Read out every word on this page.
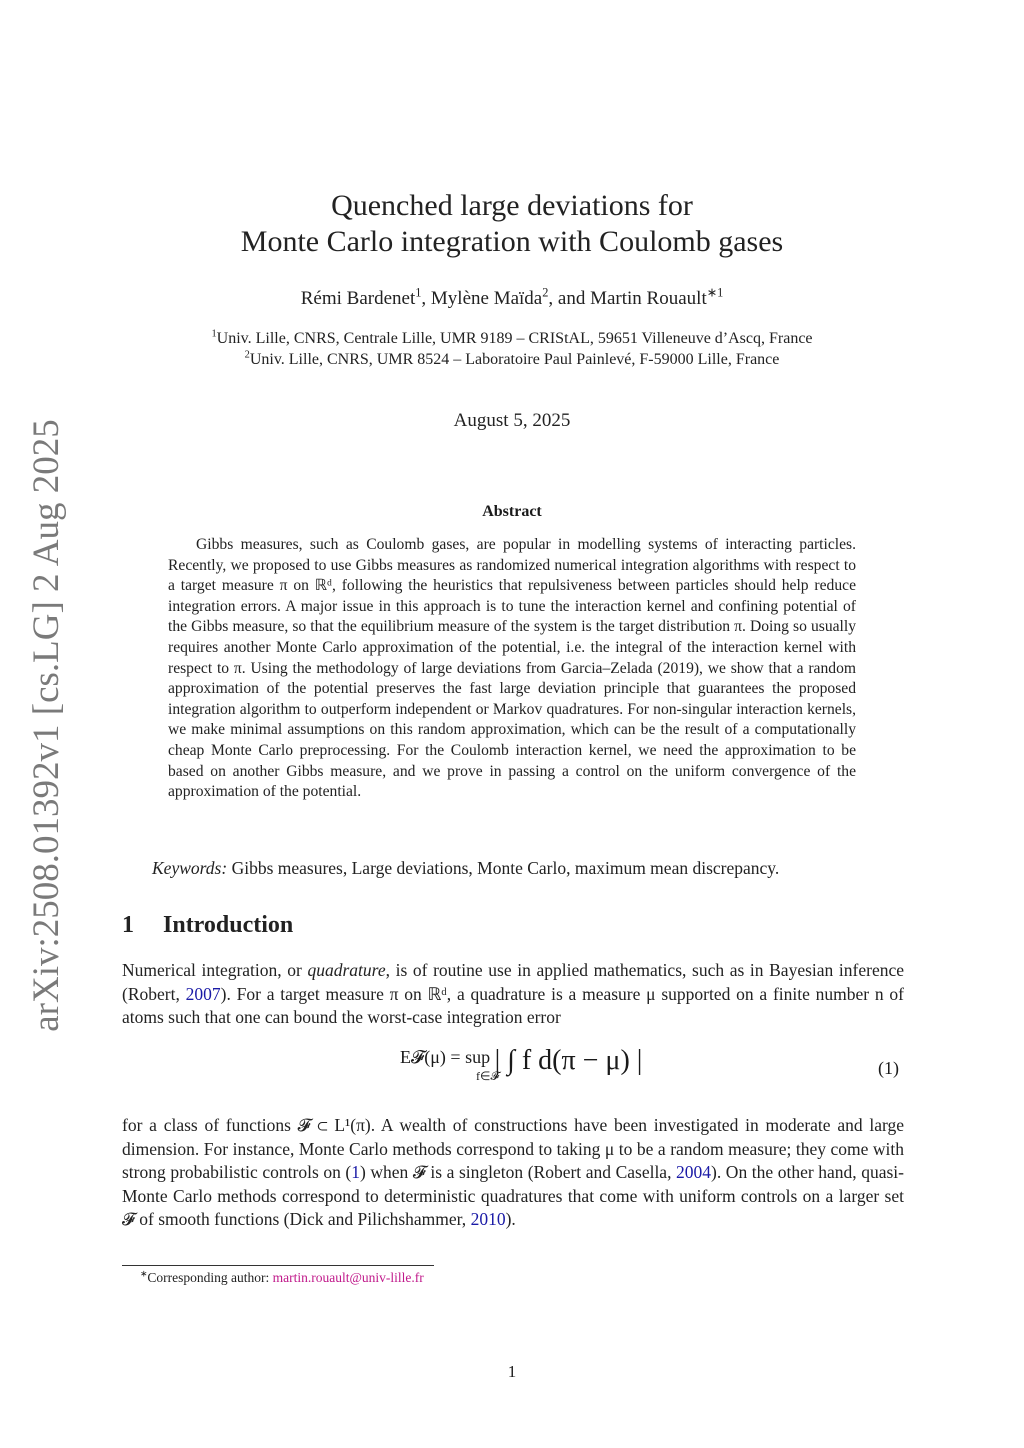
arXiv:2508.01392v1 [cs.LG] 2 Aug 2025
Quenched large deviations for
Monte Carlo integration with Coulomb gases
Rémi Bardenet$^1$, Mylène Maïda$^2$, and Martin Rouault$^{∗1}$
$^1$Univ. Lille, CNRS, Centrale Lille, UMR 9189 – CRIStAL, 59651 Villeneuve d’Ascq, France
$^2$Univ. Lille, CNRS, UMR 8524 – Laboratoire Paul Painlevé, F-59000 Lille, France
August 5, 2025
Abstract

Gibbs measures, such as Coulomb gases, are popular in modelling systems of interacting particles. Recently, we proposed to use Gibbs measures as randomized numerical integration algorithms with respect to a target measure π on ℝᵈ, following the heuristics that repulsiveness between particles should help reduce integration errors. A major issue in this approach is to tune the interaction kernel and confining potential of the Gibbs measure, so that the equilibrium measure of the system is the target distribution π. Doing so usually requires another Monte Carlo approximation of the potential, i.e. the integral of the interaction kernel with respect to π. Using the methodology of large deviations from Garcia–Zelada (2019), we show that a random approximation of the potential preserves the fast large deviation principle that guarantees the proposed integration algorithm to outperform independent or Markov quadratures. For non-singular interaction kernels, we make minimal assumptions on this random approximation, which can be the result of a computationally cheap Monte Carlo preprocessing. For the Coulomb interaction kernel, we need the approximation to be based on another Gibbs measure, and we prove in passing a control on the uniform convergence of the approximation of the potential.

Keywords: Gibbs measures, Large deviations, Monte Carlo, maximum mean discrepancy.
1 Introduction

Numerical integration, or quadrature, is of routine use in applied mathematics, such as in Bayesian inference (Robert, 2007). For a target measure π on ℝᵈ, a quadrature is a measure μ supported on a finite number n of atoms such that one can bound the worst-case integration error

E𝓕(μ) = sup | ∫ f d(π − μ) |
f∈𝓕	(1)

for a class of functions 𝓕 ⊂ L¹(π). A wealth of constructions have been investigated in moderate and large dimension. For instance, Monte Carlo methods correspond to taking μ to be a random measure; they come with strong probabilistic controls on (1) when 𝓕 is a singleton (Robert and Casella, 2004). On the other hand, quasi-Monte Carlo methods correspond to deterministic quadratures that come with uniform controls on a larger set 𝓕 of smooth functions (Dick and Pilichshammer, 2010).

∗Corresponding author: martin.rouault@univ-lille.fr
1
